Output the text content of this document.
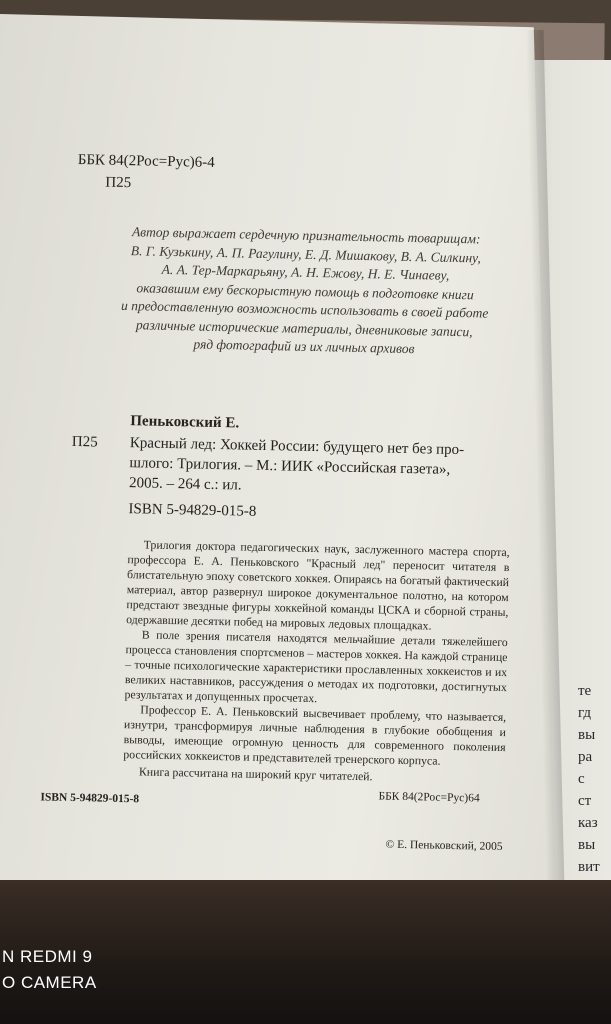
те
гд
вы
ра
с
ст
каз
вы
вит
ББК 84(2Рос=Рус)6-4
П25
Автор выражает сердечную признательность товарищам:
В. Г. Кузькину, А. П. Рагулину, Е. Д. Мишакову, В. А. Силкину,
А. А. Тер-Маркарьяну, А. Н. Ежову, Н. Е. Чинаеву,
оказавшим ему бескорыстную помощь в подготовке книги
и предоставленную возможность использовать в своей работе
различные исторические материалы, дневниковые записи,
ряд фотографий из их личных архивов
Пеньковский Е.
П25 Красный лед: Хоккей России: будущего нет без про-
шлого: Трилогия. – М.: ИИК «Российская газета»,
2005. – 264 с.: ил.
ISBN 5-94829-015-8

Трилогия доктора педагогических наук, заслуженного мастера спорта, профессора Е. А. Пеньковского "Красный лед" переносит читателя в блистательную эпоху советского хоккея. Опираясь на богатый фактический материал, автор развернул широкое документальное полотно, на котором предстают звездные фигуры хоккейной команды ЦСКА и сборной страны, одержавшие десятки побед на мировых ледовых площадках.

В поле зрения писателя находятся мельчайшие детали тяжелейшего процесса становления спортсменов – мастеров хоккея. На каждой странице – точные психологические характеристики прославленных хоккеистов и их великих наставников, рассуждения о методах их подготовки, достигнутых результатах и допущенных просчетах.

Профессор Е. А. Пеньковский высвечивает проблему, что называется, изнутри, трансформируя личные наблюдения в глубокие обобщения и выводы, имеющие огромную ценность для современного поколения российских хоккеистов и представителей тренерского корпуса.

Книга рассчитана на широкий круг читателей.

ISBN 5-94829-015-8	ББК 84(2Рос=Рус)64
© Е. Пеньковский, 2005
N REDMI 9
O CAMERA
